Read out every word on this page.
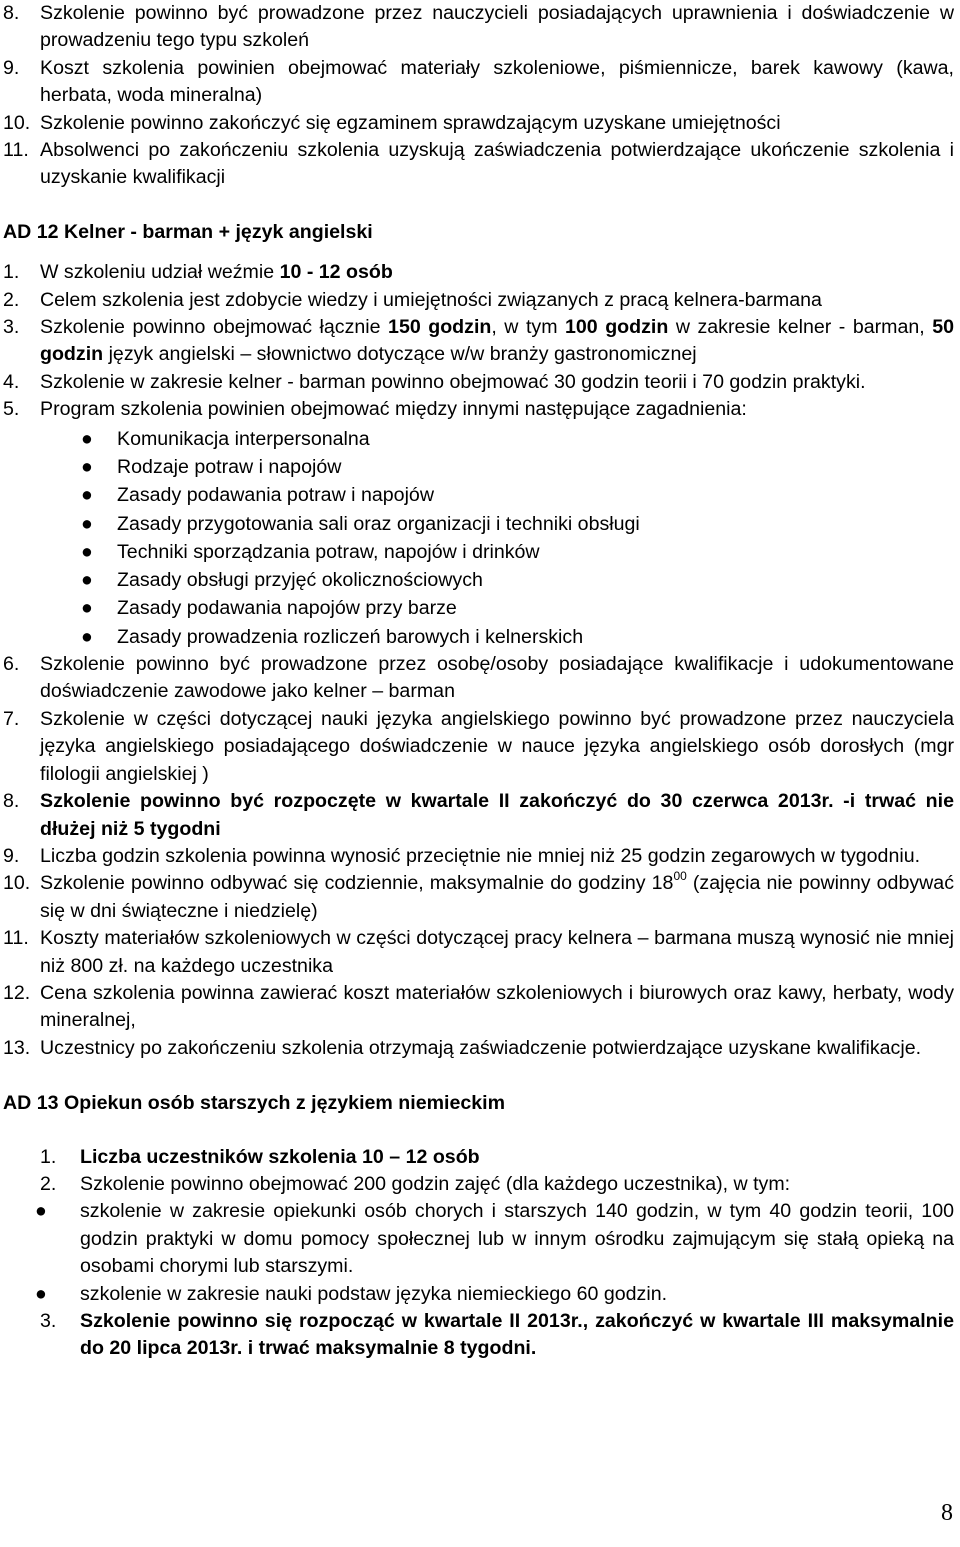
8. Szkolenie powinno być prowadzone przez nauczycieli posiadających uprawnienia i doświadczenie w prowadzeniu tego typu szkoleń
9. Koszt szkolenia powinien obejmować materiały szkoleniowe, piśmiennicze, barek kawowy (kawa, herbata, woda mineralna)
10. Szkolenie powinno zakończyć się egzaminem sprawdzającym uzyskane umiejętności
11. Absolwenci po zakończeniu szkolenia uzyskują zaświadczenia potwierdzające ukończenie szkolenia i uzyskanie kwalifikacji
AD 12 Kelner - barman + język angielski
1. W szkoleniu udział weźmie 10 - 12 osób
2. Celem szkolenia jest zdobycie wiedzy i umiejętności związanych z pracą kelnera-barmana
3. Szkolenie powinno obejmować łącznie 150 godzin, w tym 100 godzin w zakresie kelner - barman, 50 godzin język angielski – słownictwo dotyczące w/w branży gastronomicznej
4. Szkolenie w zakresie kelner - barman powinno obejmować 30 godzin teorii i 70 godzin praktyki.
5. Program szkolenia powinien obejmować między innymi następujące zagadnienia:
● Komunikacja interpersonalna
● Rodzaje potraw i napojów
● Zasady podawania potraw i napojów
● Zasady przygotowania sali oraz organizacji i techniki obsługi
● Techniki sporządzania potraw, napojów i drinków
● Zasady obsługi przyjęć okolicznościowych
● Zasady podawania napojów przy barze
● Zasady prowadzenia rozliczeń barowych i kelnerskich
6. Szkolenie powinno być prowadzone przez osobę/osoby posiadające kwalifikacje i udokumentowane doświadczenie zawodowe jako kelner – barman
7. Szkolenie w części dotyczącej nauki języka angielskiego powinno być prowadzone przez nauczyciela języka angielskiego posiadającego doświadczenie w nauce języka angielskiego osób dorosłych (mgr filologii angielskiej )
8. Szkolenie powinno być rozpoczęte w kwartale II zakończyć do 30 czerwca 2013r. -i trwać nie dłużej niż 5 tygodni
9. Liczba godzin szkolenia powinna wynosić przeciętnie nie mniej niż 25 godzin zegarowych w tygodniu.
10. Szkolenie powinno odbywać się codziennie, maksymalnie do godziny $18^{00}$ (zajęcia nie powinny odbywać się w dni świąteczne i niedzielę)
11. Koszty materiałów szkoleniowych w części dotyczącej pracy kelnera – barmana muszą wynosić nie mniej niż 800 zł. na każdego uczestnika
12. Cena szkolenia powinna zawierać koszt materiałów szkoleniowych i biurowych oraz kawy, herbaty, wody mineralnej,
13. Uczestnicy po zakończeniu szkolenia otrzymają zaświadczenie potwierdzające uzyskane kwalifikacje.
AD 13 Opiekun osób starszych z językiem niemieckim
1. Liczba uczestników szkolenia 10 – 12 osób
2. Szkolenie powinno obejmować 200 godzin zajęć (dla każdego uczestnika), w tym:
● szkolenie w zakresie opiekunki osób chorych i starszych 140 godzin, w tym 40 godzin teorii, 100 godzin praktyki w domu pomocy społecznej lub w innym ośrodku zajmującym się stałą opieką na osobami chorymi lub starszymi.
● szkolenie w zakresie nauki podstaw języka niemieckiego 60 godzin.
3. Szkolenie powinno się rozpocząć w kwartale II 2013r., zakończyć w kwartale III maksymalnie do 20 lipca 2013r. i trwać maksymalnie 8 tygodni.
8
